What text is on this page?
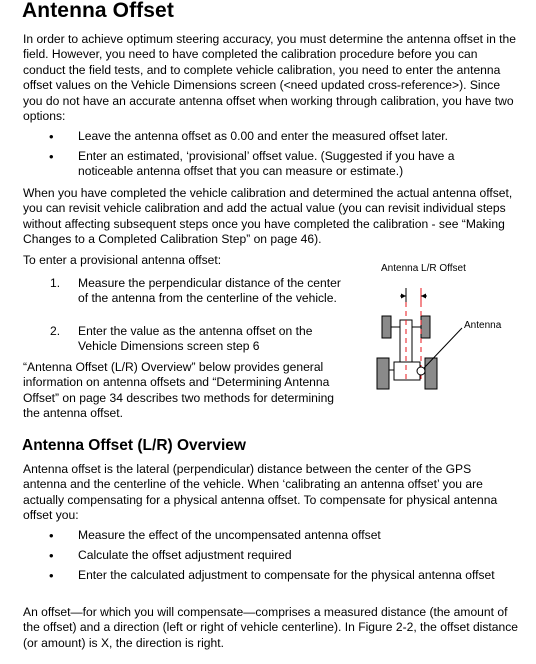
Antenna Offset

In order to achieve optimum steering accuracy, you must determine the antenna offset in the field. However, you need to have completed the calibration procedure before you can conduct the field tests, and to complete vehicle calibration, you need to enter the antenna offset values on the Vehicle Dimensions screen (<need updated cross-reference>). Since you do not have an accurate antenna offset when working through calibration, you have two options:

• Leave the antenna offset as 0.00 and enter the measured offset later.
• Enter an estimated, ‘provisional’ offset value. (Suggested if you have a noticeable antenna offset that you can measure or estimate.)

When you have completed the vehicle calibration and determined the actual antenna offset, you can revisit vehicle calibration and add the actual value (you can revisit individual steps without affecting subsequent steps once you have completed the calibration - see “Making Changes to a Completed Calibration Step” on page 46).

To enter a provisional antenna offset:

1. Measure the perpendicular distance of the center of the antenna from the centerline of the vehicle.
2. Enter the value as the antenna offset on the Vehicle Dimensions screen step 6

“Antenna Offset (L/R) Overview” below provides general information on antenna offsets and “Determining Antenna Offset” on page 34 describes two methods for determining the antenna offset.

Antenna L/R Offset
Antenna
Antenna Offset (L/R) Overview

Antenna offset is the lateral (perpendicular) distance between the center of the GPS antenna and the centerline of the vehicle. When ‘calibrating an antenna offset’ you are actually compensating for a physical antenna offset. To compensate for physical antenna offset you:

• Measure the effect of the uncompensated antenna offset
• Calculate the offset adjustment required
• Enter the calculated adjustment to compensate for the physical antenna offset

An offset—for which you will compensate—comprises a measured distance (the amount of the offset) and a direction (left or right of vehicle centerline). In Figure 2-2, the offset distance (or amount) is X, the direction is right.
